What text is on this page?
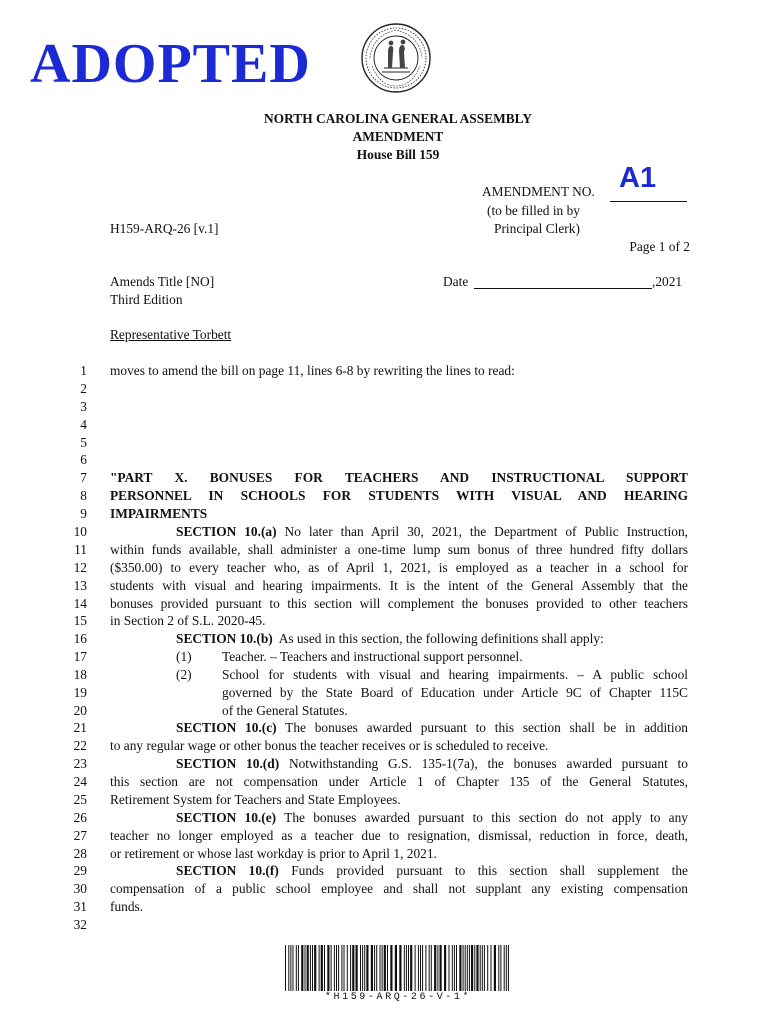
ADOPTED
NORTH CAROLINA GENERAL ASSEMBLY
AMENDMENT
House Bill 159
AMENDMENT NO. A1
(to be filled in by
Principal Clerk)
H159-ARQ-26 [v.1]
Page 1 of 2
Amends Title [NO]
Third Edition
Date	,2021
Representative Torbett
1
2
3
4
5
6
7
8
9
10
11
12
13
14
15
16
17
18
19
20
21
22
23
24
25
26
27
28
29
30
31
32
moves to amend the bill on page 11, lines 6-8 by rewriting the lines to read:
"PART X. BONUSES FOR TEACHERS AND INSTRUCTIONAL SUPPORT
PERSONNEL IN SCHOOLS FOR STUDENTS WITH VISUAL AND HEARING
IMPAIRMENTS
SECTION 10.(a) No later than April 30, 2021, the Department of Public Instruction,
within funds available, shall administer a one-time lump sum bonus of three hundred fifty dollars
($350.00) to every teacher who, as of April 1, 2021, is employed as a teacher in a school for
students with visual and hearing impairments. It is the intent of the General Assembly that the
bonuses provided pursuant to this section will complement the bonuses provided to other teachers
in Section 2 of S.L. 2020-45.
SECTION 10.(b) As used in this section, the following definitions shall apply:
(1) Teacher. – Teachers and instructional support personnel.
(2) School for students with visual and hearing impairments. – A public school
governed by the State Board of Education under Article 9C of Chapter 115C
of the General Statutes.
SECTION 10.(c) The bonuses awarded pursuant to this section shall be in addition
to any regular wage or other bonus the teacher receives or is scheduled to receive.
SECTION 10.(d) Notwithstanding G.S. 135-1(7a), the bonuses awarded pursuant to
this section are not compensation under Article 1 of Chapter 135 of the General Statutes,
Retirement System for Teachers and State Employees.
SECTION 10.(e) The bonuses awarded pursuant to this section do not apply to any
teacher no longer employed as a teacher due to resignation, dismissal, reduction in force, death,
or retirement or whose last workday is prior to April 1, 2021.
SECTION 10.(f) Funds provided pursuant to this section shall supplement the
compensation of a public school employee and shall not supplant any existing compensation
funds.
*H159-ARQ-26-V-1*
